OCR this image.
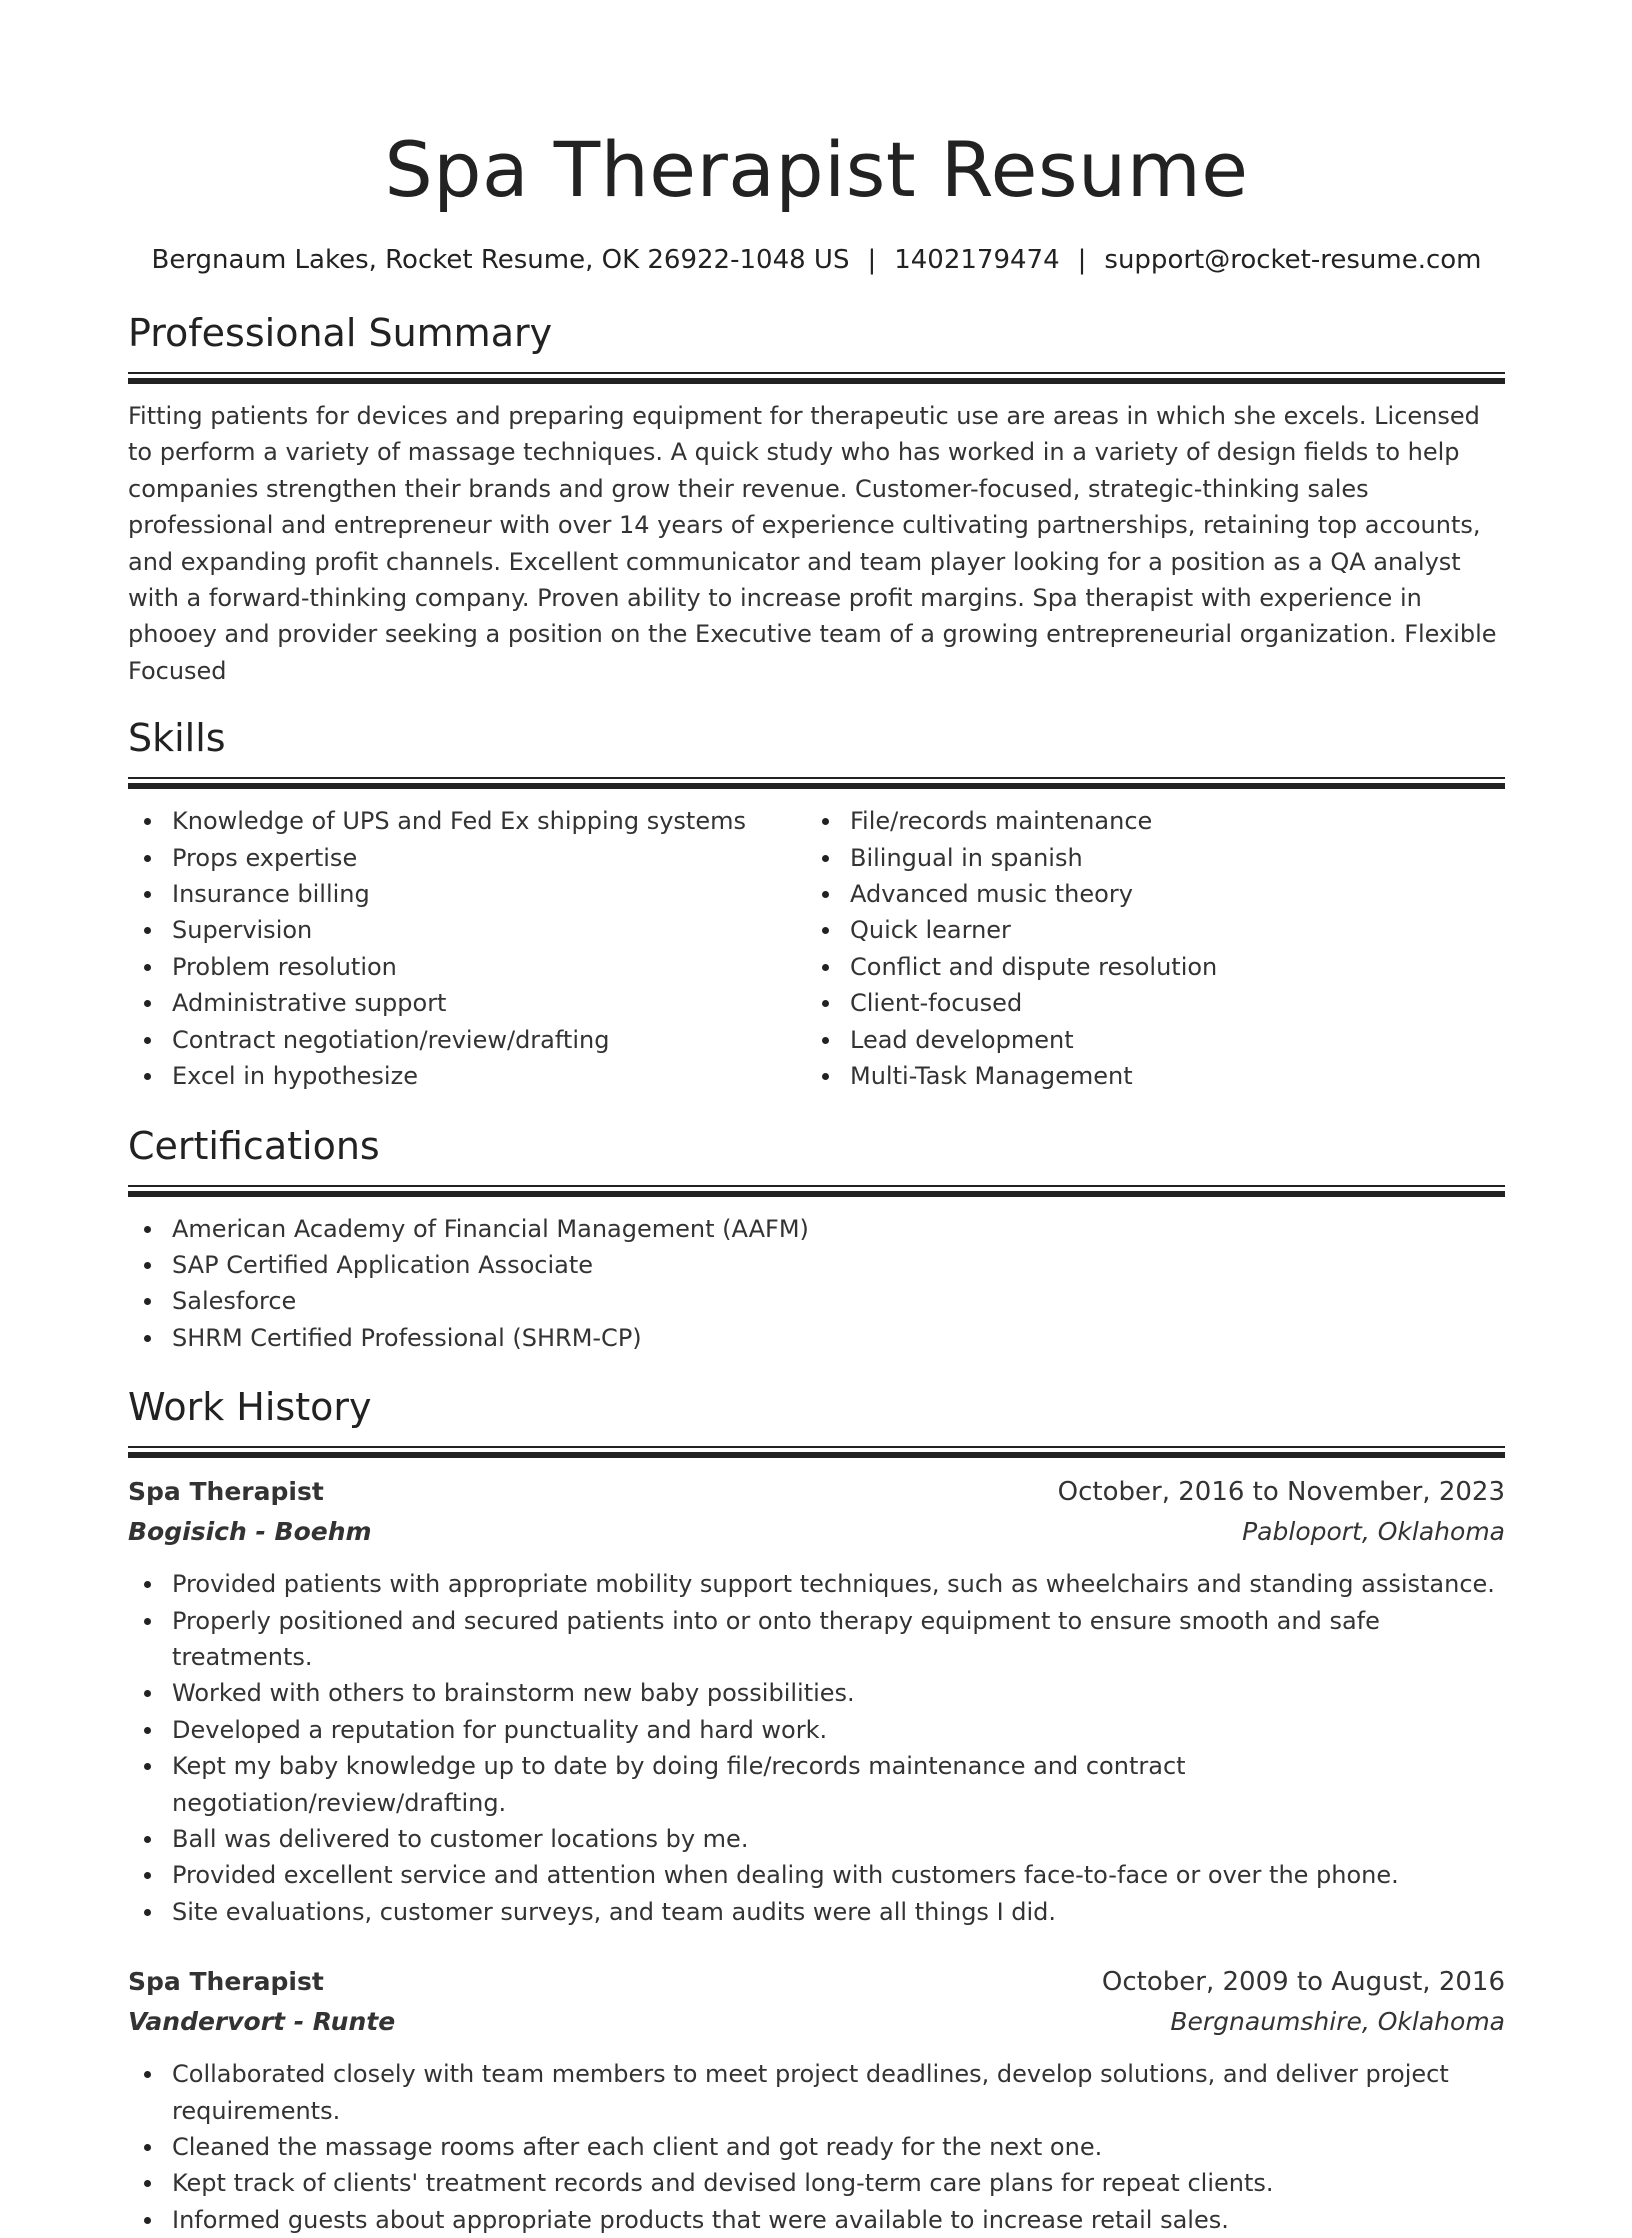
Spa Therapist Resume
Bergnaum Lakes, Rocket Resume, OK 26922-1048 US | 1402179474 | support@rocket-resume.com
Professional Summary

Fitting patients for devices and preparing equipment for therapeutic use are areas in which she excels. Licensed to perform a variety of massage techniques. A quick study who has worked in a variety of design fields to help companies strengthen their brands and grow their revenue. Customer-focused, strategic-thinking sales professional and entrepreneur with over 14 years of experience cultivating partnerships, retaining top accounts, and expanding profit channels. Excellent communicator and team player looking for a position as a QA analyst with a forward-thinking company. Proven ability to increase profit margins. Spa therapist with experience in phooey and provider seeking a position on the Executive team of a growing entrepreneurial organization. Flexible Focused

Skills
Knowledge of UPS and Fed Ex shipping systems
Props expertise
Insurance billing
Supervision
Problem resolution
Administrative support
Contract negotiation/review/drafting
Excel in hypothesize
File/records maintenance
Bilingual in spanish
Advanced music theory
Quick learner
Conflict and dispute resolution
Client-focused
Lead development
Multi-Task Management
Certifications
American Academy of Financial Management (AAFM)
SAP Certified Application Associate
Salesforce
SHRM Certified Professional (SHRM-CP)
Work History
Spa Therapist	October, 2016 to November, 2023
Bogisich - Boehm	Pabloport, Oklahoma
Provided patients with appropriate mobility support techniques, such as wheelchairs and standing assistance.
Properly positioned and secured patients into or onto therapy equipment to ensure smooth and safe treatments.
Worked with others to brainstorm new baby possibilities.
Developed a reputation for punctuality and hard work.
Kept my baby knowledge up to date by doing file/records maintenance and contract negotiation/review/drafting.
Ball was delivered to customer locations by me.
Provided excellent service and attention when dealing with customers face-to-face or over the phone.
Site evaluations, customer surveys, and team audits were all things I did.
Spa Therapist	October, 2009 to August, 2016
Vandervort - Runte	Bergnaumshire, Oklahoma
Collaborated closely with team members to meet project deadlines, develop solutions, and deliver project requirements.
Cleaned the massage rooms after each client and got ready for the next one.
Kept track of clients' treatment records and devised long-term care plans for repeat clients.
Informed guests about appropriate products that were available to increase retail sales.
